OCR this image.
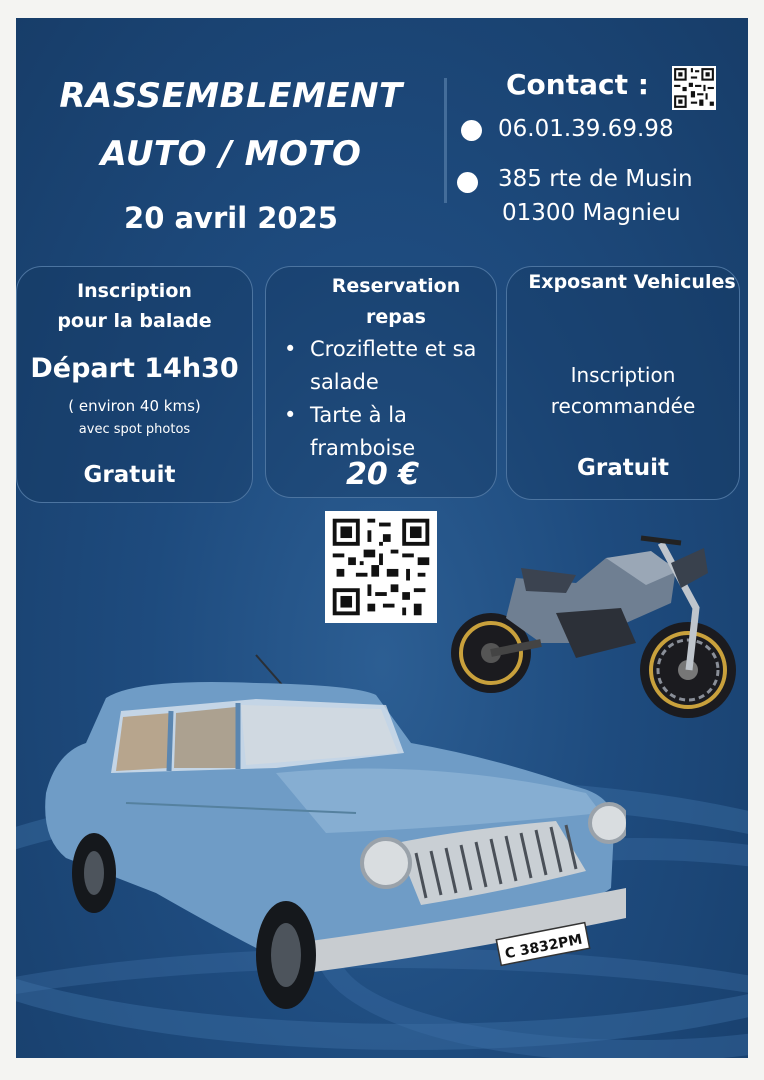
RASSEMBLEMENT

AUTO / MOTO

20 avril 2025

Contact :

06.01.39.69.98

385 rte de Musin

01300 Magnieu

Inscription

pour la balade

Départ 14h30

( environ 40 kms)

avec spot photos

Gratuit

Reservation

repas

• Croziflette et sa

salade

• Tarte à la

framboise

20 €

Exposant Vehicules

Inscription

recommandée

Gratuit

C 3832PM
